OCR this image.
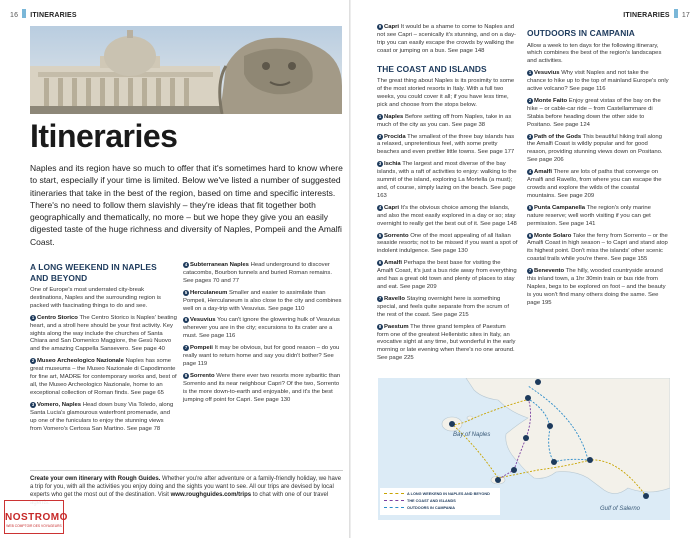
16 ITINERARIES	ITINERARIES 17
Itineraries

Naples and its region have so much to offer that it's sometimes hard to know where to start, especially if your time is limited. Below we've listed a number of suggested itineraries that take in the best of the region, based on time and specific interests. There's no need to follow them slavishly – they're ideas that fit together both geographically and thematically, no more – but we hope they give you an easily digested taste of the huge richness and diversity of Naples, Pompeii and the Amalfi Coast.

A LONG WEEKEND IN NAPLES AND BEYOND

One of Europe's most underrated city-break destinations, Naples and the surrounding region is packed with fascinating things to do and see.

1 Centro Storico The Centro Storico is Naples' beating heart, and a stroll here should be your first activity. Key sights along the way include the churches of Santa Chiara and San Domenico Maggiore, the Gesù Nuovo and the amazing Cappella Sansevero. See page 40

2 Museo Archeologico Nazionale Naples has some great museums – the Museo Nazionale di Capodimonte for fine art, MADRE for contemporary works and, best of all, the Museo Archeologico Nazionale, home to an exceptional collection of Roman finds. See page 65

3 Vomero, Naples Head down busy Via Toledo, along Santa Lucia's glamourous waterfront promenade, and up one of the funiculars to enjoy the stunning views from Vomero's Certosa San Martino. See page 78

4 Subterranean Naples Head underground to discover catacombs, Bourbon tunnels and buried Roman remains. See pages 70 and 77

5 Herculaneum Smaller and easier to assimilate than Pompeii, Herculaneum is also close to the city and combines well on a day-trip with Vesuvius. See page 110

6 Vesuvius You can't ignore the glowering hulk of Vesuvius wherever you are in the city; excursions to its crater are a must. See page 116

7 Pompeii It may be obvious, but for good reason – do you really want to return home and say you didn't bother? See page 119

8 Sorrento Were there ever two resorts more sybaritic than Sorrento and its near neighbour Capri? Of the two, Sorrento is the more down-to-earth and enjoyable, and it's the best jumping off point for Capri. See page 130

Create your own itinerary with Rough Guides. Whether you're after adventure or a family-friendly holiday, we have a trip for you, with all the activities you enjoy doing and the sights you want to see. All our trips are devised by local experts who get the most out of the destination. Visit www.roughguides.com/trips to chat with one of our travel
NOSTROMO
WEB COMPTOIR DES VOYAGEURS

9 Capri It would be a shame to come to Naples and not see Capri – scenically it's stunning, and on a day-trip you can easily escape the crowds by walking the coast or jumping on a bus. See page 148

THE COAST AND ISLANDS

The great thing about Naples is its proximity to some of the most storied resorts in Italy. With a full two weeks, you could cover it all; if you have less time, pick and choose from the stops below.

1 Naples Before setting off from Naples, take in as much of the city as you can. See page 38

2 Procida The smallest of the three bay islands has a relaxed, unpretentious feel, with some pretty beaches and even prettier little towns. See page 177

3 Ischia The largest and most diverse of the bay islands, with a raft of activities to enjoy: walking to the summit of the island, exploring La Mortella (a must); and, of course, simply lazing on the beach. See page 163

4 Capri It's the obvious choice among the islands, and also the most easily explored in a day or so; stay overnight to really get the best out of it. See page 148

5 Sorrento One of the most appealing of all Italian seaside resorts; not to be missed if you want a spot of indolent indulgence. See page 130

6 Amalfi Perhaps the best base for visiting the Amalfi Coast, it's just a bus ride away from everything and has a great old town and plenty of places to stay and eat. See page 209

7 Ravello Staying overnight here is something special, and feels quite separate from the scrum of the rest of the coast. See page 215

8 Paestum The three grand temples of Paestum form one of the greatest Hellenistic sites in Italy, an evocative sight at any time, but wonderful in the early morning or late evening when there's no one around. See page 225

OUTDOORS IN CAMPANIA

Allow a week to ten days for the following itinerary, which combines the best of the region's landscapes and activities.

1 Vesuvius Why visit Naples and not take the chance to hike up to the top of mainland Europe's only active volcano? See page 116

2 Monte Faito Enjoy great vistas of the bay on the hike – or cable-car ride – from Castellammare di Stabia before heading down the other side to Positano. See page 124

3 Path of the Gods This beautiful hiking trail along the Amalfi Coast is wildly popular and for good reason, providing stunning views down on Positano. See page 206

4 Amalfi There are lots of paths that converge on Amalfi and Ravello, from where you can escape the crowds and explore the wilds of the coastal mountains. See page 209

5 Punta Campanella The region's only marine nature reserve; well worth visiting if you can get permission. See page 141

6 Monte Solaro Take the ferry from Sorrento – or the Amalfi Coast in high season – to Capri and stand atop its highest point. Don't miss the islands' other scenic coastal trails while you're there. See page 155

7 Benevento The hilly, wooded countryside around this inland town, a 1hr 30min train or bus ride from Naples, begs to be explored on foot – and the beauty is you won't find many others doing the same. See page 195

Bay of Naples
Gulf of Salerno
A LONG WEEKEND IN NAPLES AND BEYOND
THE COAST AND ISLANDS
OUTDOORS IN CAMPANIA
